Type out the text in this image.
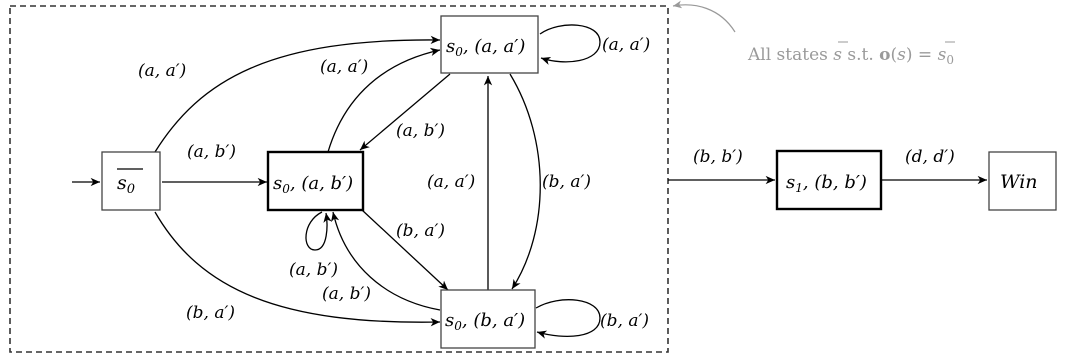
All states s s.t. $o(s) = s_0$
$s_0$	$s_0$, (a, b′)
$s_0$, (a, a′)
$s_0$, (b, a′)
$s_1$, (b, b′)	Win
(a, a′)
(a, b′)
(b, a′)
(a, a′)
(a, b′)
(a, a′)
(a, a′)	(b, a′)
(b, a′)
(a, b′)
(a, b′)
(b, a′)
(b, b′)	(d, d′)
